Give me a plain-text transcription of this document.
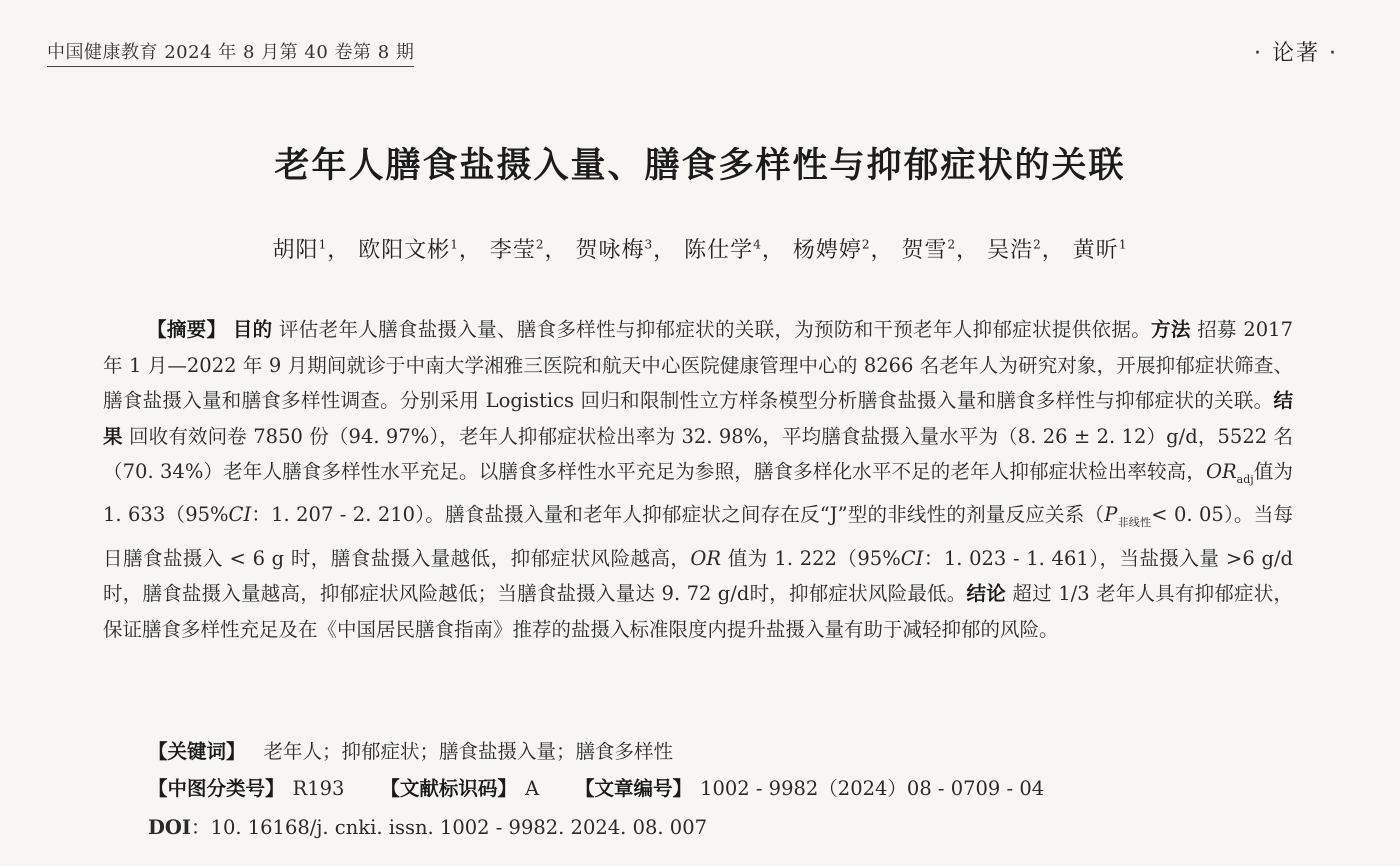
中国健康教育 2024 年 8 月第 40 卷第 8 期	· 论著 ·
老年人膳食盐摄入量、膳食多样性与抑郁症状的关联
胡阳$^1$， 欧阳文彬$^1$， 李莹$^2$， 贺咏梅$^3$， 陈仕学$^4$， 杨娉婷$^2$， 贺雪$^2$， 吴浩$^2$， 黄昕$^1$
【摘要】 目的 评估老年人膳食盐摄入量、膳食多样性与抑郁症状的关联，为预防和干预老年人抑郁症状提供依据。方法 招募 2017 年 1 月—2022 年 9 月期间就诊于中南大学湘雅三医院和航天中心医院健康管理中心的 8266 名老年人为研究对象，开展抑郁症状筛查、膳食盐摄入量和膳食多样性调查。分别采用 Logistics 回归和限制性立方样条模型分析膳食盐摄入量和膳食多样性与抑郁症状的关联。结果 回收有效问卷 7850 份（94. 97%），老年人抑郁症状检出率为 32. 98%，平均膳食盐摄入量水平为（8. 26 ± 2. 12）g/d，5522 名（70. 34%）老年人膳食多样性水平充足。以膳食多样性水平充足为参照，膳食多样化水平不足的老年人抑郁症状检出率较高，$OR_{adj}$值为 1. 633（95%CI：1. 207 - 2. 210）。膳食盐摄入量和老年人抑郁症状之间存在反“J”型的非线性的剂量反应关系（$P_{非线性}< 0$. 05）。当每日膳食盐摄入 < 6 g 时，膳食盐摄入量越低，抑郁症状风险越高，OR 值为 1. 222（95%CI：1. 023 - 1. 461），当盐摄入量 >6 g/d 时，膳食盐摄入量越高，抑郁症状风险越低；当膳食盐摄入量达 9. 72 g/d时，抑郁症状风险最低。结论 超过 1/3 老年人具有抑郁症状，保证膳食多样性充足及在《中国居民膳食指南》推荐的盐摄入标准限度内提升盐摄入量有助于减轻抑郁的风险。
【关键词】 老年人；抑郁症状；膳食盐摄入量；膳食多样性
【中图分类号】 R193 【文献标识码】 A 【文章编号】 1002 - 9982（2024）08 - 0709 - 04
DOI：10. 16168/j. cnki. issn. 1002 - 9982. 2024. 08. 007
